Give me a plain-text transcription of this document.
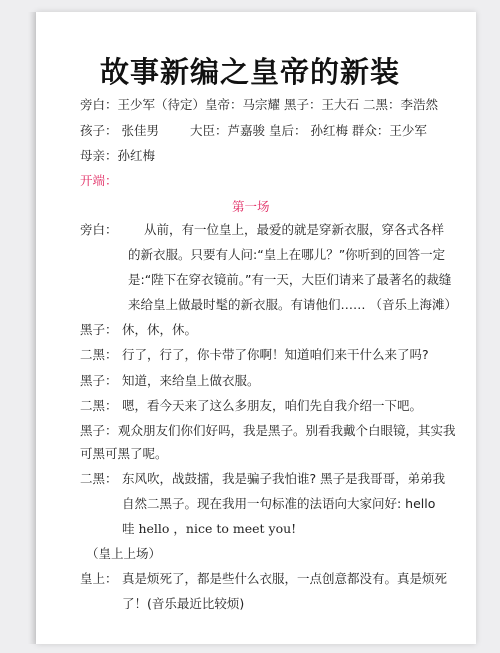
故事新编之皇帝的新装
旁白：王少军（待定）皇帝：马宗耀 黑子：王大石 二黑：李浩然
孩子： 张佳男 大臣：芦嘉骏 皇后： 孙红梅 群众：王少军
母亲：孙红梅
开端：
第一场
旁白： 从前，有一位皇上，最爱的就是穿新衣服，穿各式各样
的新衣服。只要有人问:“皇上在哪儿？”你听到的回答一定
是:“陛下在穿衣镜前。”有一天，大臣们请来了最著名的裁缝
来给皇上做最时髦的新衣服。有请他们…… （音乐上海滩）
黑子： 休，休，休。
二黑： 行了，行了，你卡带了你啊！知道咱们来干什么来了吗?
黑子： 知道，来给皇上做衣服。
二黑： 嗯，看今天来了这么多朋友，咱们先自我介绍一下吧。
黑子： 观众朋友们你们好吗，我是黑子。别看我戴个白眼镜，其实我
可黑可黑了呢。
二黑： 东风吹，战鼓擂，我是骗子我怕谁? 黑子是我哥哥，弟弟我
自然二黑子。现在我用一句标准的法语向大家问好: hello
哇 hello ，nice to meet you!
（皇上上场）
皇上： 真是烦死了，都是些什么衣服，一点创意都没有。真是烦死
了！(音乐最近比较烦)
